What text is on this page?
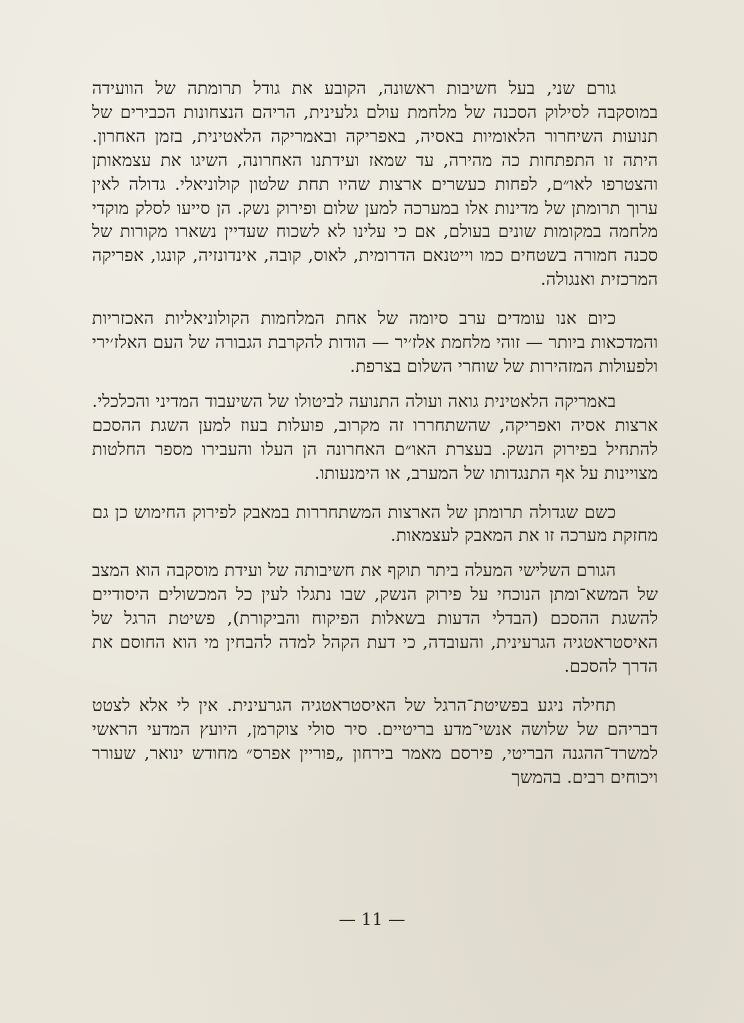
גורם שני, בעל חשיבות ראשונה, הקובע את גודל תרומתה של הוועידה במוסקבה לסילוק הסכנה של מלחמת עולם גלעינית, הריהם הנצחונות הכבירים של תנועות השיחרור הלאומיות באסיה, באפריקה ובאמריקה הלאטינית, בזמן האחרון. היתה זו התפתחות כה מהירה, עד שמאז ועידתנו האחרונה, השיגו את עצמאותן והצטרפו לאו״ם, לפחות כעשרים ארצות שהיו תחת שלטון קולוניאלי. גדולה לאין ערוך תרומתן של מדינות אלו במערכה למען שלום ופירוק נשק. הן סייעו לסלק מוקדי מלחמה במקומות שונים בעולם, אם כי עלינו לא לשכוח שעדיין נשארו מקורות של סכנה חמורה בשטחים כמו וייטנאם הדרומית, לאוס, קובה, אינדונזיה, קונגו, אפריקה המרכזית ואנגולה.

כיום אנו עומדים ערב סיומה של אחת המלחמות הקולוניאליות האכזריות והמדכאות ביותר — זוהי מלחמת אלז׳יר — הודות להקרבת הגבורה של העם האלז׳ירי ולפעולות המזהירות של שוחרי השלום בצרפת.

באמריקה הלאטינית גואה ועולה התנועה לביטולו של השיעבוד המדיני והכלכלי. ארצות אסיה ואפריקה, שהשתחררו זה מקרוב, פועלות בעוז למען השגת ההסכם להתחיל בפירוק הנשק. בעצרת האו״ם האחרונה הן העלו והעבירו מספר החלטות מצויינות על אף התנגדותו של המערב, או הימנעותו.

כשם שגדולה תרומתן של הארצות המשתחררות במאבק לפירוק החימוש כן גם מחזקת מערכה זו את המאבק לעצמאות.

הגורם השלישי המעלה ביתר תוקף את חשיבותה של ועידת מוסקבה הוא המצב של המשא־ומתן הנוכחי על פירוק הנשק, שבו נתגלו לעין כל המכשולים היסודיים להשגת ההסכם (הבדלי הדעות בשאלות הפיקוח והביקורת), פשיטת הרגל של האיסטראטגיה הגרעינית, והעובדה, כי דעת הקהל למדה להבחין מי הוא החוסם את הדרך להסכם.

תחילה ניגע בפשיטת־הרגל של האיסטראטגיה הגרעינית. אין לי אלא לצטט דבריהם של שלושה אנשי־מדע בריטיים. סיר סולי צוקרמן, היועץ המדעי הראשי למשרד־ההגנה הבריטי, פירסם מאמר בירחון „פוריין אפרס״ מחודש ינואר, שעורר ויכוחים רבים. בהמשך

— 11 —
